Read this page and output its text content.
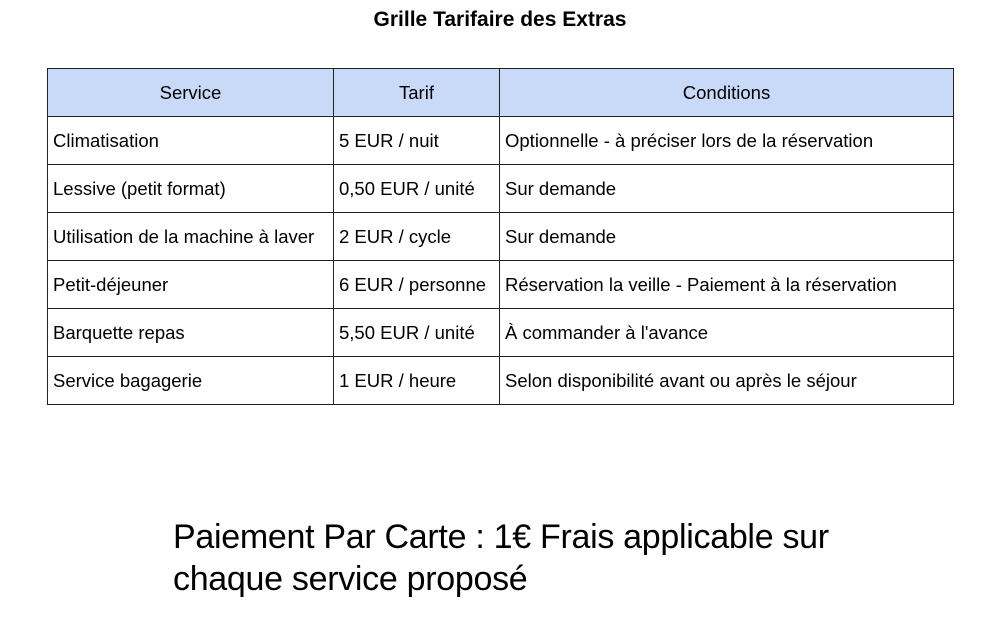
Grille Tarifaire des Extras
Service	Tarif	Conditions
Climatisation	5 EUR / nuit	Optionnelle - à préciser lors de la réservation
Lessive (petit format)	0,50 EUR / unité	Sur demande
Utilisation de la machine à laver	2 EUR / cycle	Sur demande
Petit-déjeuner	6 EUR / personne	Réservation la veille - Paiement à la réservation
Barquette repas	5,50 EUR / unité	À commander à l'avance
Service bagagerie	1 EUR / heure	Selon disponibilité avant ou après le séjour
Paiement Par Carte : 1€ Frais applicable sur chaque service proposé
